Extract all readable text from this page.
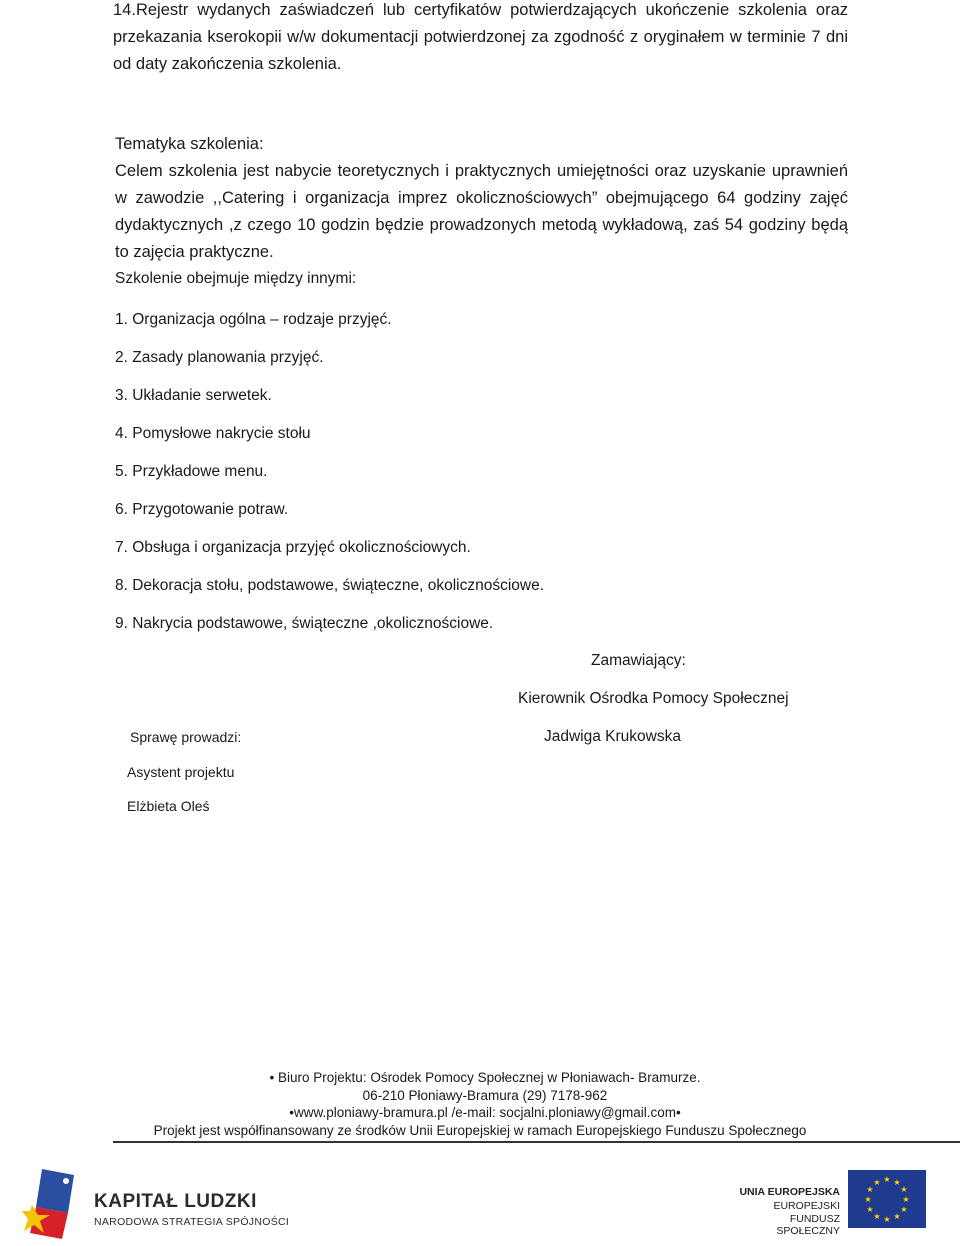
14.Rejestr wydanych zaświadczeń lub certyfikatów potwierdzających ukończenie szkolenia oraz przekazania kserokopii w/w dokumentacji potwierdzonej za zgodność z oryginałem w terminie 7 dni od daty zakończenia szkolenia.
Tematyka szkolenia:
Celem szkolenia jest nabycie teoretycznych i praktycznych umiejętności oraz uzyskanie uprawnień w zawodzie ,,Catering i organizacja imprez okolicznościowych” obejmującego 64 godziny zajęć dydaktycznych ,z czego 10 godzin będzie prowadzonych metodą wykładową, zaś 54 godziny będą to zajęcia praktyczne.
Szkolenie obejmuje między innymi:
1. Organizacja ogólna – rodzaje przyjęć.
2. Zasady planowania przyjęć.
3. Układanie serwetek.
4. Pomysłowe nakrycie stołu
5. Przykładowe menu.
6. Przygotowanie potraw.
7. Obsługa i organizacja przyjęć okolicznościowych.
8. Dekoracja stołu, podstawowe, świąteczne, okolicznościowe.
9. Nakrycia podstawowe, świąteczne ,okolicznościowe.
Zamawiający:
Kierownik Ośrodka Pomocy Społecznej
Jadwiga Krukowska
Sprawę prowadzi:
Asystent projektu
Elżbieta Oleś
• Biuro Projektu: Ośrodek Pomocy Społecznej w Płoniawach- Bramurze.
06-210 Płoniawy-Bramura (29) 7178-962
•www.ploniawy-bramura.pl /e-mail: socjalni.ploniawy@gmail.com•
Projekt jest współfinansowany ze środków Unii Europejskiej w ramach Europejskiego Funduszu Społecznego
KAPITAŁ LUDZKI
NARODOWA STRATEGIA SPÓJNOŚCI
UNIA EUROPEJSKA
EUROPEJSKI
FUNDUSZ SPOŁECZNY
★ ★
★
★
★
★
★
★
★
★
★
★
